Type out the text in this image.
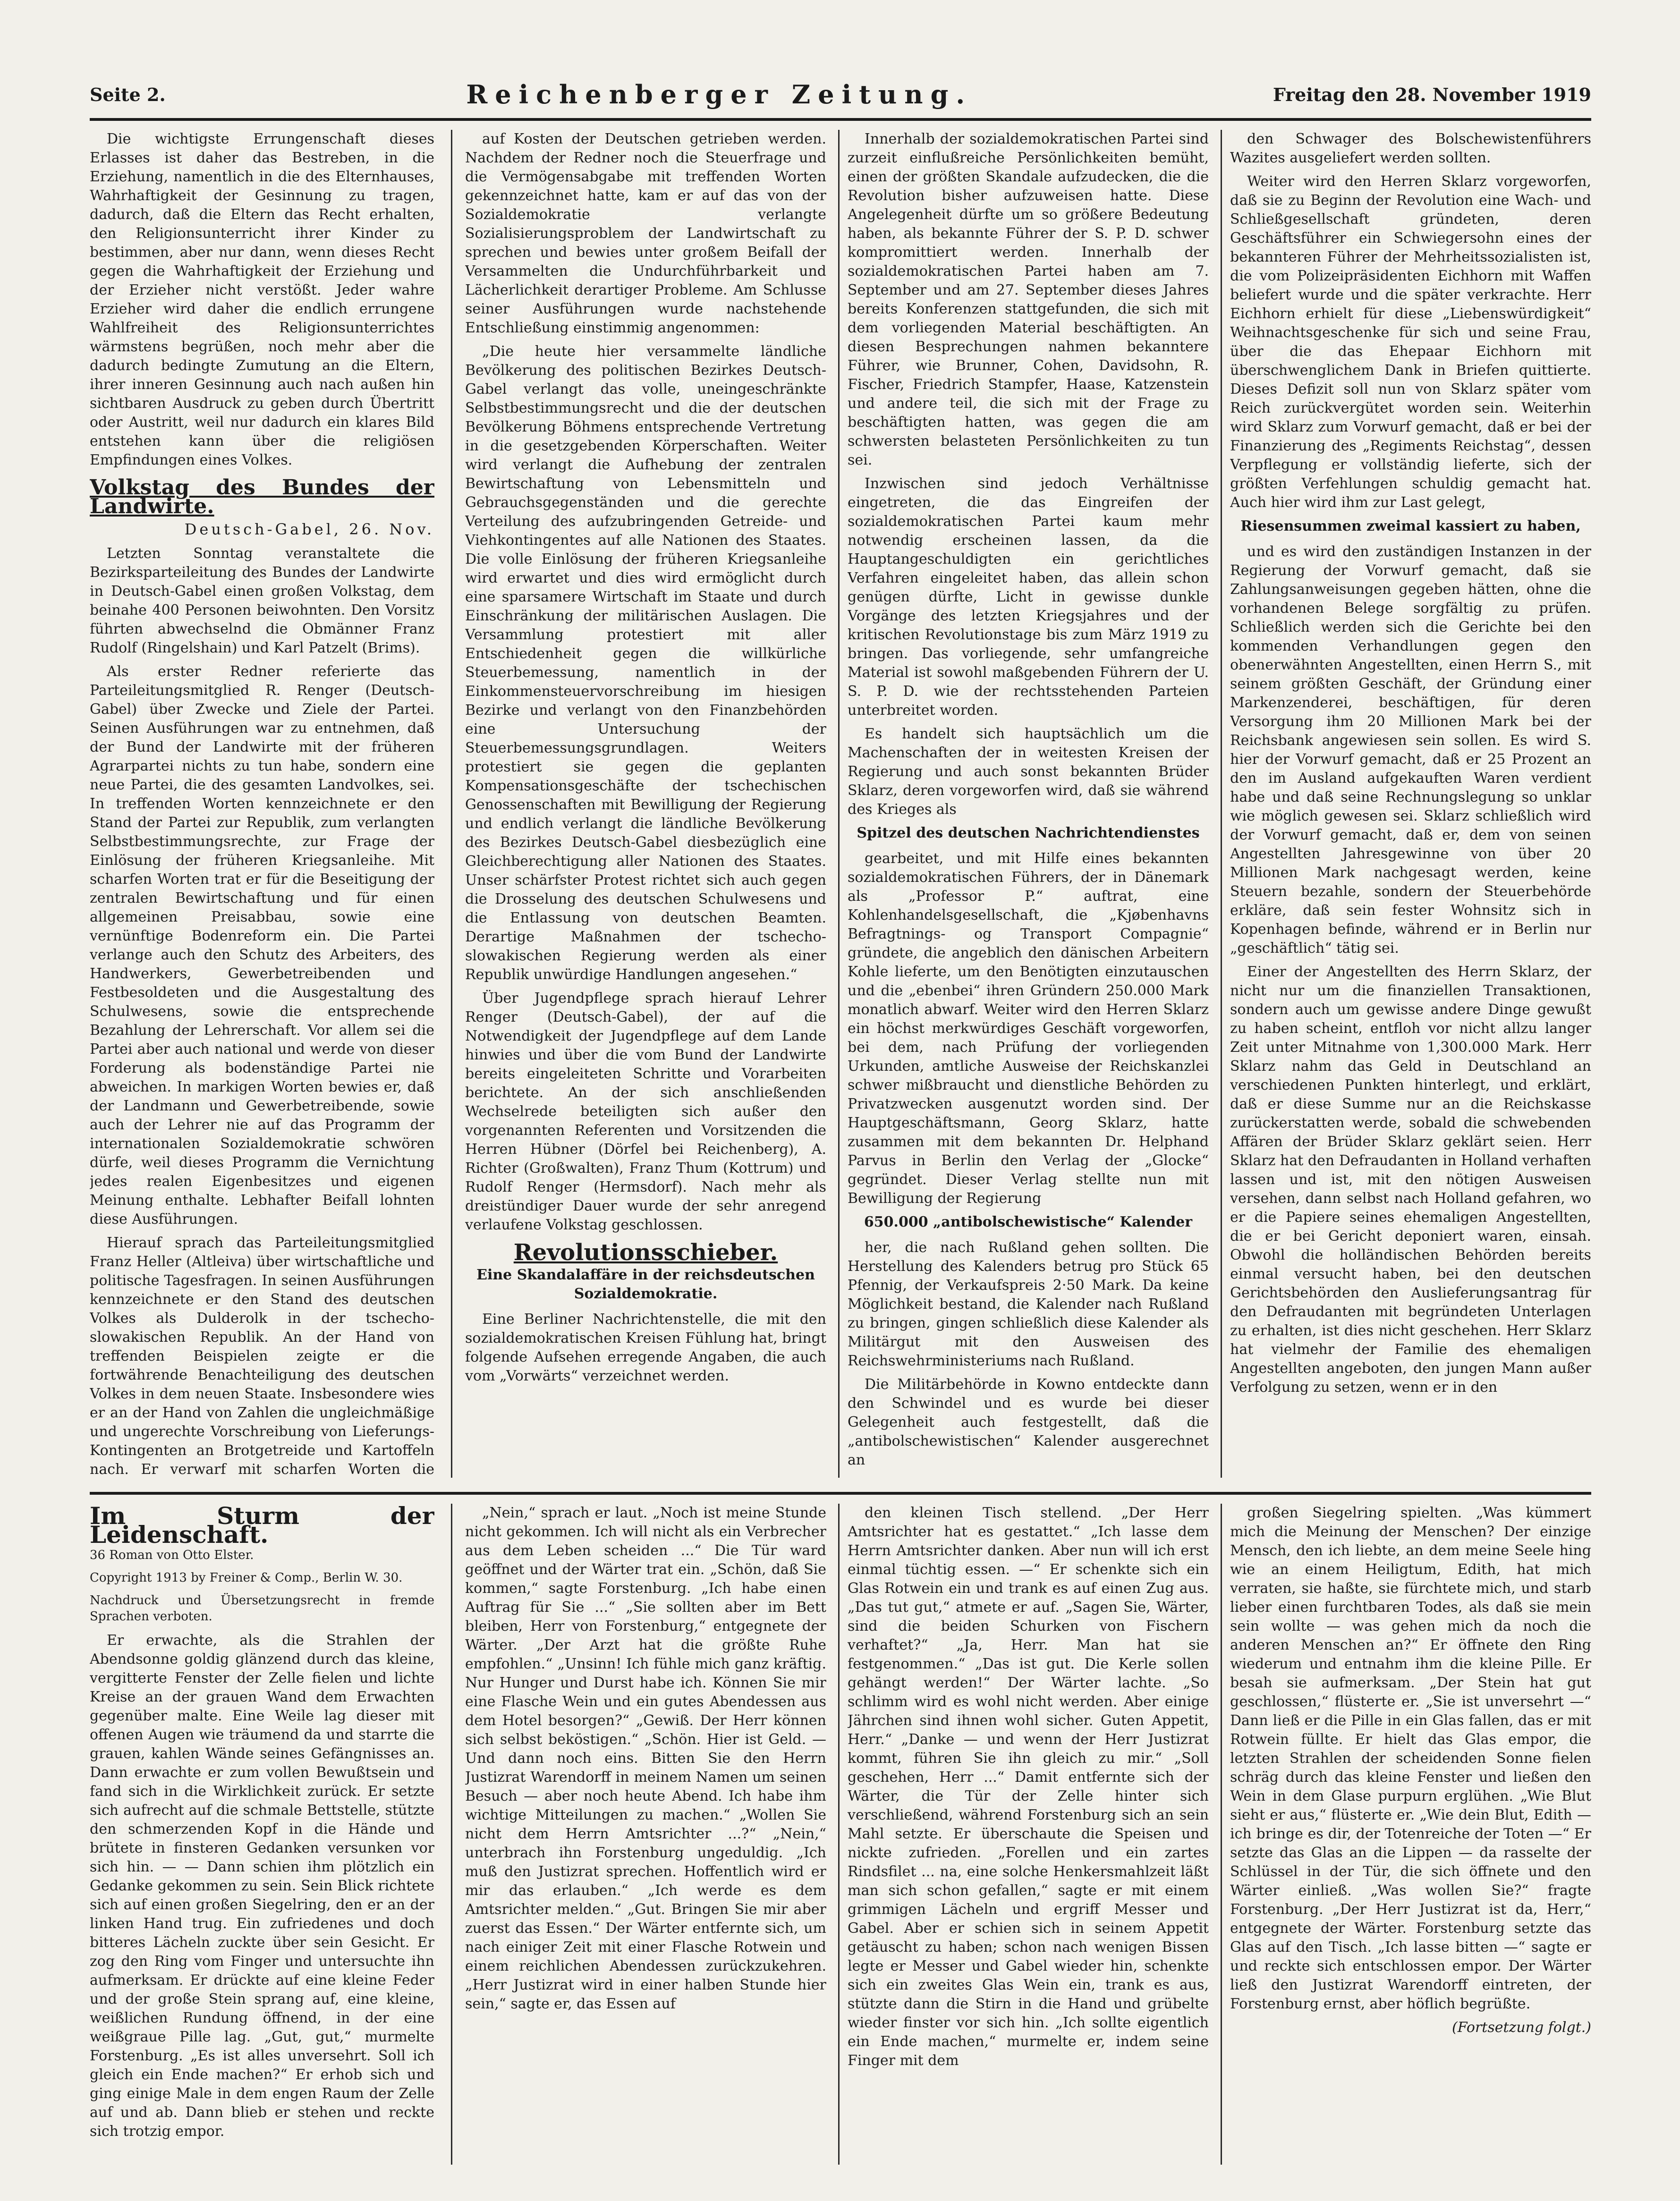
Seite 2.	Reichenberger Zeitung.	Freitag den 28. November 1919

Die wichtigste Errungenschaft dieses Erlasses ist daher das Bestreben, in die Erziehung, namentlich in die des Elternhauses, Wahrhaftigkeit der Gesinnung zu tragen, dadurch, daß die Eltern das Recht erhalten, den Religionsunterricht ihrer Kinder zu bestimmen, aber nur dann, wenn dieses Recht gegen die Wahrhaftigkeit der Erziehung und der Erzieher nicht verstößt. Jeder wahre Erzieher wird daher die endlich errungene Wahlfreiheit des Religionsunterrichtes wärmstens begrüßen, noch mehr aber die dadurch bedingte Zumutung an die Eltern, ihrer inneren Gesinnung auch nach außen hin sichtbaren Ausdruck zu geben durch Übertritt oder Austritt, weil nur dadurch ein klares Bild entstehen kann über die religiösen Empfindungen eines Volkes.

Volkstag des Bundes der Landwirte.
Deutsch-Gabel, 26. Nov.

Letzten Sonntag veranstaltete die Bezirksparteileitung des Bundes der Landwirte in Deutsch-Gabel einen großen Volkstag, dem beinahe 400 Personen beiwohnten. Den Vorsitz führten abwechselnd die Obmänner Franz Rudolf (Ringelshain) und Karl Patzelt (Brims).

Als erster Redner referierte das Parteileitungsmitglied R. Renger (Deutsch-Gabel) über Zwecke und Ziele der Partei. Seinen Ausführungen war zu entnehmen, daß der Bund der Landwirte mit der früheren Agrarpartei nichts zu tun habe, sondern eine neue Partei, die des gesamten Landvolkes, sei. In treffenden Worten kennzeichnete er den Stand der Partei zur Republik, zum verlangten Selbstbestimmungsrechte, zur Frage der Einlösung der früheren Kriegsanleihe. Mit scharfen Worten trat er für die Beseitigung der zentralen Bewirtschaftung und für einen allgemeinen Preisabbau, sowie eine vernünftige Bodenreform ein. Die Partei verlange auch den Schutz des Arbeiters, des Handwerkers, Gewerbetreibenden und Festbesoldeten und die Ausgestaltung des Schulwesens, sowie die entsprechende Bezahlung der Lehrerschaft. Vor allem sei die Partei aber auch national und werde von dieser Forderung als bodenständige Partei nie abweichen. In markigen Worten bewies er, daß der Landmann und Gewerbetreibende, sowie auch der Lehrer nie auf das Programm der internationalen Sozialdemokratie schwören dürfe, weil dieses Programm die Vernichtung jedes realen Eigenbesitzes und eigenen Meinung enthalte. Lebhafter Beifall lohnten diese Ausführungen.

Hierauf sprach das Parteileitungsmitglied Franz Heller (Altleiva) über wirtschaftliche und politische Tagesfragen. In seinen Ausführungen kennzeichnete er den Stand des deutschen Volkes als Dulderolk in der tschecho-slowakischen Republik. An der Hand von treffenden Beispielen zeigte er die fortwährende Benachteiligung des deutschen Volkes in dem neuen Staate. Insbesondere wies er an der Hand von Zahlen die ungleichmäßige und ungerechte Vorschreibung von Lieferungs-Kontingenten an Brotgetreide und Kartoffeln nach. Er verwarf mit scharfen Worten die

auf Kosten der Deutschen getrieben werden. Nachdem der Redner noch die Steuerfrage und die Vermögensabgabe mit treffenden Worten gekennzeichnet hatte, kam er auf das von der Sozialdemokratie verlangte Sozialisierungsproblem der Landwirtschaft zu sprechen und bewies unter großem Beifall der Versammelten die Undurchführbarkeit und Lächerlichkeit derartiger Probleme. Am Schlusse seiner Ausführungen wurde nachstehende Entschließung einstimmig angenommen:

„Die heute hier versammelte ländliche Bevölkerung des politischen Bezirkes Deutsch-Gabel verlangt das volle, uneingeschränkte Selbstbestimmungsrecht und die der deutschen Bevölkerung Böhmens entsprechende Vertretung in die gesetzgebenden Körperschaften. Weiter wird verlangt die Aufhebung der zentralen Bewirtschaftung von Lebensmitteln und Gebrauchsgegenständen und die gerechte Verteilung des aufzubringenden Getreide- und Viehkontingentes auf alle Nationen des Staates. Die volle Einlösung der früheren Kriegsanleihe wird erwartet und dies wird ermöglicht durch eine sparsamere Wirtschaft im Staate und durch Einschränkung der militärischen Auslagen. Die Versammlung protestiert mit aller Entschiedenheit gegen die willkürliche Steuerbemessung, namentlich in der Einkommensteuervorschreibung im hiesigen Bezirke und verlangt von den Finanzbehörden eine Untersuchung der Steuerbemessungsgrundlagen. Weiters protestiert sie gegen die geplanten Kompensationsgeschäfte der tschechischen Genossenschaften mit Bewilligung der Regierung und endlich verlangt die ländliche Bevölkerung des Bezirkes Deutsch-Gabel diesbezüglich eine Gleichberechtigung aller Nationen des Staates. Unser schärfster Protest richtet sich auch gegen die Drosselung des deutschen Schulwesens und die Entlassung von deutschen Beamten. Derartige Maßnahmen der tschecho-slowakischen Regierung werden als einer Republik unwürdige Handlungen angesehen.“

Über Jugendpflege sprach hierauf Lehrer Renger (Deutsch-Gabel), der auf die Notwendigkeit der Jugendpflege auf dem Lande hinwies und über die vom Bund der Landwirte bereits eingeleiteten Schritte und Vorarbeiten berichtete. An der sich anschließenden Wechselrede beteiligten sich außer den vorgenannten Referenten und Vorsitzenden die Herren Hübner (Dörfel bei Reichenberg), A. Richter (Großwalten), Franz Thum (Kottrum) und Rudolf Renger (Hermsdorf). Nach mehr als dreistündiger Dauer wurde der sehr anregend verlaufene Volkstag geschlossen.

Revolutionsschieber.
Eine Skandalaffäre in der reichsdeutschen Sozialdemokratie.

Eine Berliner Nachrichtenstelle, die mit den sozialdemokratischen Kreisen Fühlung hat, bringt folgende Aufsehen erregende Angaben, die auch vom „Vorwärts“ verzeichnet werden.

Innerhalb der sozialdemokratischen Partei sind zurzeit einflußreiche Persönlichkeiten bemüht, einen der größten Skandale aufzudecken, die die Revolution bisher aufzuweisen hatte. Diese Angelegenheit dürfte um so größere Bedeutung haben, als bekannte Führer der S. P. D. schwer kompromittiert werden. Innerhalb der sozialdemokratischen Partei haben am 7. September und am 27. September dieses Jahres bereits Konferenzen stattgefunden, die sich mit dem vorliegenden Material beschäftigten. An diesen Besprechungen nahmen bekanntere Führer, wie Brunner, Cohen, Davidsohn, R. Fischer, Friedrich Stampfer, Haase, Katzenstein und andere teil, die sich mit der Frage zu beschäftigten hatten, was gegen die am schwersten belasteten Persönlichkeiten zu tun sei.

Inzwischen sind jedoch Verhältnisse eingetreten, die das Eingreifen der sozialdemokratischen Partei kaum mehr notwendig erscheinen lassen, da die Hauptangeschuldigten ein gerichtliches Verfahren eingeleitet haben, das allein schon genügen dürfte, Licht in gewisse dunkle Vorgänge des letzten Kriegsjahres und der kritischen Revolutionstage bis zum März 1919 zu bringen. Das vorliegende, sehr umfangreiche Material ist sowohl maßgebenden Führern der U. S. P. D. wie der rechtsstehenden Parteien unterbreitet worden.

Es handelt sich hauptsächlich um die Machenschaften der in weitesten Kreisen der Regierung und auch sonst bekannten Brüder Sklarz, deren vorgeworfen wird, daß sie während des Krieges als

Spitzel des deutschen Nachrichtendienstes

gearbeitet, und mit Hilfe eines bekannten sozialdemokratischen Führers, der in Dänemark als „Professor P.“ auftrat, eine Kohlenhandelsgesellschaft, die „Kjøbenhavns Befragtnings- og Transport Compagnie“ gründete, die angeblich den dänischen Arbeitern Kohle lieferte, um den Benötigten einzutauschen und die „ebenbei“ ihren Gründern 250.000 Mark monatlich abwarf. Weiter wird den Herren Sklarz ein höchst merkwürdiges Geschäft vorgeworfen, bei dem, nach Prüfung der vorliegenden Urkunden, amtliche Ausweise der Reichskanzlei schwer mißbraucht und dienstliche Behörden zu Privatzwecken ausgenutzt worden sind. Der Hauptgeschäftsmann, Georg Sklarz, hatte zusammen mit dem bekannten Dr. Helphand Parvus in Berlin den Verlag der „Glocke“ gegründet. Dieser Verlag stellte nun mit Bewilligung der Regierung

650.000 „antibolschewistische“ Kalender

her, die nach Rußland gehen sollten. Die Herstellung des Kalenders betrug pro Stück 65 Pfennig, der Verkaufspreis 2·50 Mark. Da keine Möglichkeit bestand, die Kalender nach Rußland zu bringen, gingen schließlich diese Kalender als Militärgut mit den Ausweisen des Reichswehrministeriums nach Rußland.

Die Militärbehörde in Kowno entdeckte dann den Schwindel und es wurde bei dieser Gelegenheit auch festgestellt, daß die „antibolschewistischen“ Kalender ausgerechnet an

den Schwager des Bolschewistenführers Wazites ausgeliefert werden sollten.

Weiter wird den Herren Sklarz vorgeworfen, daß sie zu Beginn der Revolution eine Wach- und Schließgesellschaft gründeten, deren Geschäftsführer ein Schwiegersohn eines der bekannteren Führer der Mehrheitssozialisten ist, die vom Polizeipräsidenten Eichhorn mit Waffen beliefert wurde und die später verkrachte. Herr Eichhorn erhielt für diese „Liebenswürdigkeit“ Weihnachtsgeschenke für sich und seine Frau, über die das Ehepaar Eichhorn mit überschwenglichem Dank in Briefen quittierte. Dieses Defizit soll nun von Sklarz später vom Reich zurückvergütet worden sein. Weiterhin wird Sklarz zum Vorwurf gemacht, daß er bei der Finanzierung des „Regiments Reichstag“, dessen Verpflegung er vollständig lieferte, sich der größten Verfehlungen schuldig gemacht hat. Auch hier wird ihm zur Last gelegt,

Riesensummen zweimal kassiert zu haben,

und es wird den zuständigen Instanzen in der Regierung der Vorwurf gemacht, daß sie Zahlungsanweisungen gegeben hätten, ohne die vorhandenen Belege sorgfältig zu prüfen. Schließlich werden sich die Gerichte bei den kommenden Verhandlungen gegen den obenerwähnten Angestellten, einen Herrn S., mit seinem größten Geschäft, der Gründung einer Markenzenderei, beschäftigen, für deren Versorgung ihm 20 Millionen Mark bei der Reichsbank angewiesen sein sollen. Es wird S. hier der Vorwurf gemacht, daß er 25 Prozent an den im Ausland aufgekauften Waren verdient habe und daß seine Rechnungslegung so unklar wie möglich gewesen sei. Sklarz schließlich wird der Vorwurf gemacht, daß er, dem von seinen Angestellten Jahresgewinne von über 20 Millionen Mark nachgesagt werden, keine Steuern bezahle, sondern der Steuerbehörde erkläre, daß sein fester Wohnsitz sich in Kopenhagen befinde, während er in Berlin nur „geschäftlich“ tätig sei.

Einer der Angestellten des Herrn Sklarz, der nicht nur um die finanziellen Transaktionen, sondern auch um gewisse andere Dinge gewußt zu haben scheint, entfloh vor nicht allzu langer Zeit unter Mitnahme von 1,300.000 Mark. Herr Sklarz nahm das Geld in Deutschland an verschiedenen Punkten hinterlegt, und erklärt, daß er diese Summe nur an die Reichskasse zurückerstatten werde, sobald die schwebenden Affären der Brüder Sklarz geklärt seien. Herr Sklarz hat den Defraudanten in Holland verhaften lassen und ist, mit den nötigen Ausweisen versehen, dann selbst nach Holland gefahren, wo er die Papiere seines ehemaligen Angestellten, die er bei Gericht deponiert waren, einsah. Obwohl die holländischen Behörden bereits einmal versucht haben, bei den deutschen Gerichtsbehörden den Auslieferungsantrag für den Defraudanten mit begründeten Unterlagen zu erhalten, ist dies nicht geschehen. Herr Sklarz hat vielmehr der Familie des ehemaligen Angestellten angeboten, den jungen Mann außer Verfolgung zu setzen, wenn er in den

Im Sturm der Leidenschaft.
36 Roman von Otto Elster.
Copyright 1913 by Freiner & Comp., Berlin W. 30.
Nachdruck und Übersetzungsrecht in fremde Sprachen verboten.

Er erwachte, als die Strahlen der Abendsonne goldig glänzend durch das kleine, vergitterte Fenster der Zelle fielen und lichte Kreise an der grauen Wand dem Erwachten gegenüber malte. Eine Weile lag dieser mit offenen Augen wie träumend da und starrte die grauen, kahlen Wände seines Gefängnisses an. Dann erwachte er zum vollen Bewußtsein und fand sich in die Wirklichkeit zurück. Er setzte sich aufrecht auf die schmale Bettstelle, stützte den schmerzenden Kopf in die Hände und brütete in finsteren Gedanken versunken vor sich hin. — — Dann schien ihm plötzlich ein Gedanke gekommen zu sein. Sein Blick richtete sich auf einen großen Siegelring, den er an der linken Hand trug. Ein zufriedenes und doch bitteres Lächeln zuckte über sein Gesicht. Er zog den Ring vom Finger und untersuchte ihn aufmerksam. Er drückte auf eine kleine Feder und der große Stein sprang auf, eine kleine, weißlichen Rundung öffnend, in der eine weißgraue Pille lag. „Gut, gut,“ murmelte Forstenburg. „Es ist alles unversehrt. Soll ich gleich ein Ende machen?“ Er erhob sich und ging einige Male in dem engen Raum der Zelle auf und ab. Dann blieb er stehen und reckte sich trotzig empor.

„Nein,“ sprach er laut. „Noch ist meine Stunde nicht gekommen. Ich will nicht als ein Verbrecher aus dem Leben scheiden ...“ Die Tür ward geöffnet und der Wärter trat ein. „Schön, daß Sie kommen,“ sagte Forstenburg. „Ich habe einen Auftrag für Sie ...“ „Sie sollten aber im Bett bleiben, Herr von Forstenburg,“ entgegnete der Wärter. „Der Arzt hat die größte Ruhe empfohlen.“ „Unsinn! Ich fühle mich ganz kräftig. Nur Hunger und Durst habe ich. Können Sie mir eine Flasche Wein und ein gutes Abendessen aus dem Hotel besorgen?“ „Gewiß. Der Herr können sich selbst beköstigen.“ „Schön. Hier ist Geld. — Und dann noch eins. Bitten Sie den Herrn Justizrat Warendorff in meinem Namen um seinen Besuch — aber noch heute Abend. Ich habe ihm wichtige Mitteilungen zu machen.“ „Wollen Sie nicht dem Herrn Amtsrichter ...?“ „Nein,“ unterbrach ihn Forstenburg ungeduldig. „Ich muß den Justizrat sprechen. Hoffentlich wird er mir das erlauben.“ „Ich werde es dem Amtsrichter melden.“ „Gut. Bringen Sie mir aber zuerst das Essen.“ Der Wärter entfernte sich, um nach einiger Zeit mit einer Flasche Rotwein und einem reichlichen Abendessen zurückzukehren. „Herr Justizrat wird in einer halben Stunde hier sein,“ sagte er, das Essen auf

den kleinen Tisch stellend. „Der Herr Amtsrichter hat es gestattet.“ „Ich lasse dem Herrn Amtsrichter danken. Aber nun will ich erst einmal tüchtig essen. —“ Er schenkte sich ein Glas Rotwein ein und trank es auf einen Zug aus. „Das tut gut,“ atmete er auf. „Sagen Sie, Wärter, sind die beiden Schurken von Fischern verhaftet?“ „Ja, Herr. Man hat sie festgenommen.“ „Das ist gut. Die Kerle sollen gehängt werden!“ Der Wärter lachte. „So schlimm wird es wohl nicht werden. Aber einige Jährchen sind ihnen wohl sicher. Guten Appetit, Herr.“ „Danke — und wenn der Herr Justizrat kommt, führen Sie ihn gleich zu mir.“ „Soll geschehen, Herr ...“ Damit entfernte sich der Wärter, die Tür der Zelle hinter sich verschließend, während Forstenburg sich an sein Mahl setzte. Er überschaute die Speisen und nickte zufrieden. „Forellen und ein zartes Rindsfilet ... na, eine solche Henkersmahlzeit läßt man sich schon gefallen,“ sagte er mit einem grimmigen Lächeln und ergriff Messer und Gabel. Aber er schien sich in seinem Appetit getäuscht zu haben; schon nach wenigen Bissen legte er Messer und Gabel wieder hin, schenkte sich ein zweites Glas Wein ein, trank es aus, stützte dann die Stirn in die Hand und grübelte wieder finster vor sich hin. „Ich sollte eigentlich ein Ende machen,“ murmelte er, indem seine Finger mit dem

großen Siegelring spielten. „Was kümmert mich die Meinung der Menschen? Der einzige Mensch, den ich liebte, an dem meine Seele hing wie an einem Heiligtum, Edith, hat mich verraten, sie haßte, sie fürchtete mich, und starb lieber einen furchtbaren Todes, als daß sie mein sein wollte — was gehen mich da noch die anderen Menschen an?“ Er öffnete den Ring wiederum und entnahm ihm die kleine Pille. Er besah sie aufmerksam. „Der Stein hat gut geschlossen,“ flüsterte er. „Sie ist unversehrt —“ Dann ließ er die Pille in ein Glas fallen, das er mit Rotwein füllte. Er hielt das Glas empor, die letzten Strahlen der scheidenden Sonne fielen schräg durch das kleine Fenster und ließen den Wein in dem Glase purpurn erglühen. „Wie Blut sieht er aus,“ flüsterte er. „Wie dein Blut, Edith — ich bringe es dir, der Totenreiche der Toten —“ Er setzte das Glas an die Lippen — da rasselte der Schlüssel in der Tür, die sich öffnete und den Wärter einließ. „Was wollen Sie?“ fragte Forstenburg. „Der Herr Justizrat ist da, Herr,“ entgegnete der Wärter. Forstenburg setzte das Glas auf den Tisch. „Ich lasse bitten —“ sagte er und reckte sich entschlossen empor. Der Wärter ließ den Justizrat Warendorff eintreten, der Forstenburg ernst, aber höflich begrüßte.

(Fortsetzung folgt.)
